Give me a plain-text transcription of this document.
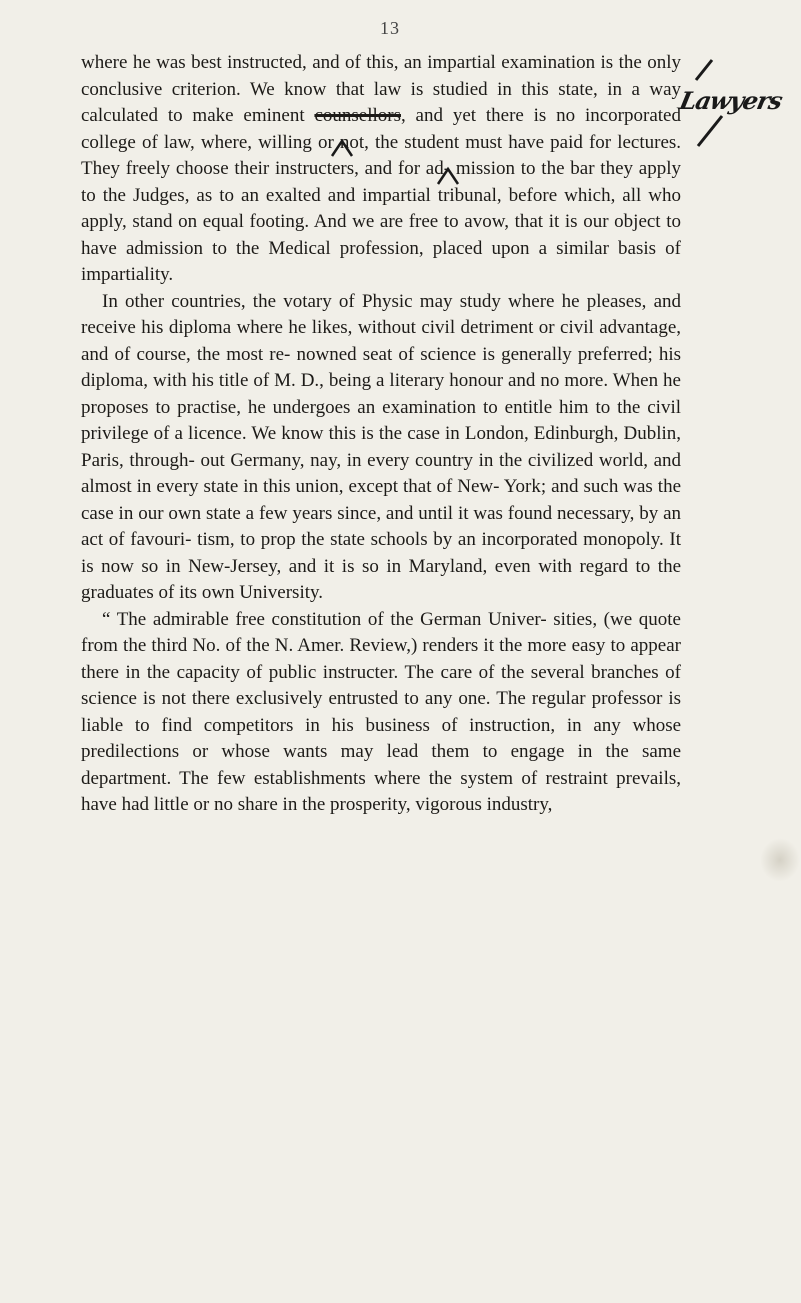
13

where he was best instructed, and of this, an impartial examination is the only conclusive criterion. We know that law is studied in this state, in a way calculated to make eminent counsellors, and yet there is no incorporated college of law, where, willing or not, the student must have paid for lectures. They freely choose their instructers, and for ad- mission to the bar they apply to the Judges, as to an exalted and impartial tribunal, before which, all who apply, stand on equal footing. And we are free to avow, that it is our object to have admission to the Medical profession, placed upon a similar basis of impartiality.

In other countries, the votary of Physic may study where he pleases, and receive his diploma where he likes, without civil detriment or civil advantage, and of course, the most re- nowned seat of science is generally preferred; his diploma, with his title of M. D., being a literary honour and no more. When he proposes to practise, he undergoes an examination to entitle him to the civil privilege of a licence. We know this is the case in London, Edinburgh, Dublin, Paris, through- out Germany, nay, in every country in the civilized world, and almost in every state in this union, except that of New- York; and such was the case in our own state a few years since, and until it was found necessary, by an act of favouri- tism, to prop the state schools by an incorporated monopoly. It is now so in New-Jersey, and it is so in Maryland, even with regard to the graduates of its own University.

“ The admirable free constitution of the German Univer- sities, (we quote from the third No. of the N. Amer. Review,) renders it the more easy to appear there in the capacity of public instructer. The care of the several branches of science is not there exclusively entrusted to any one. The regular professor is liable to find competitors in his business of instruction, in any whose predilections or whose wants may lead them to engage in the same department. The few establishments where the system of restraint prevails, have had little or no share in the prosperity, vigorous industry,

Lawyers
